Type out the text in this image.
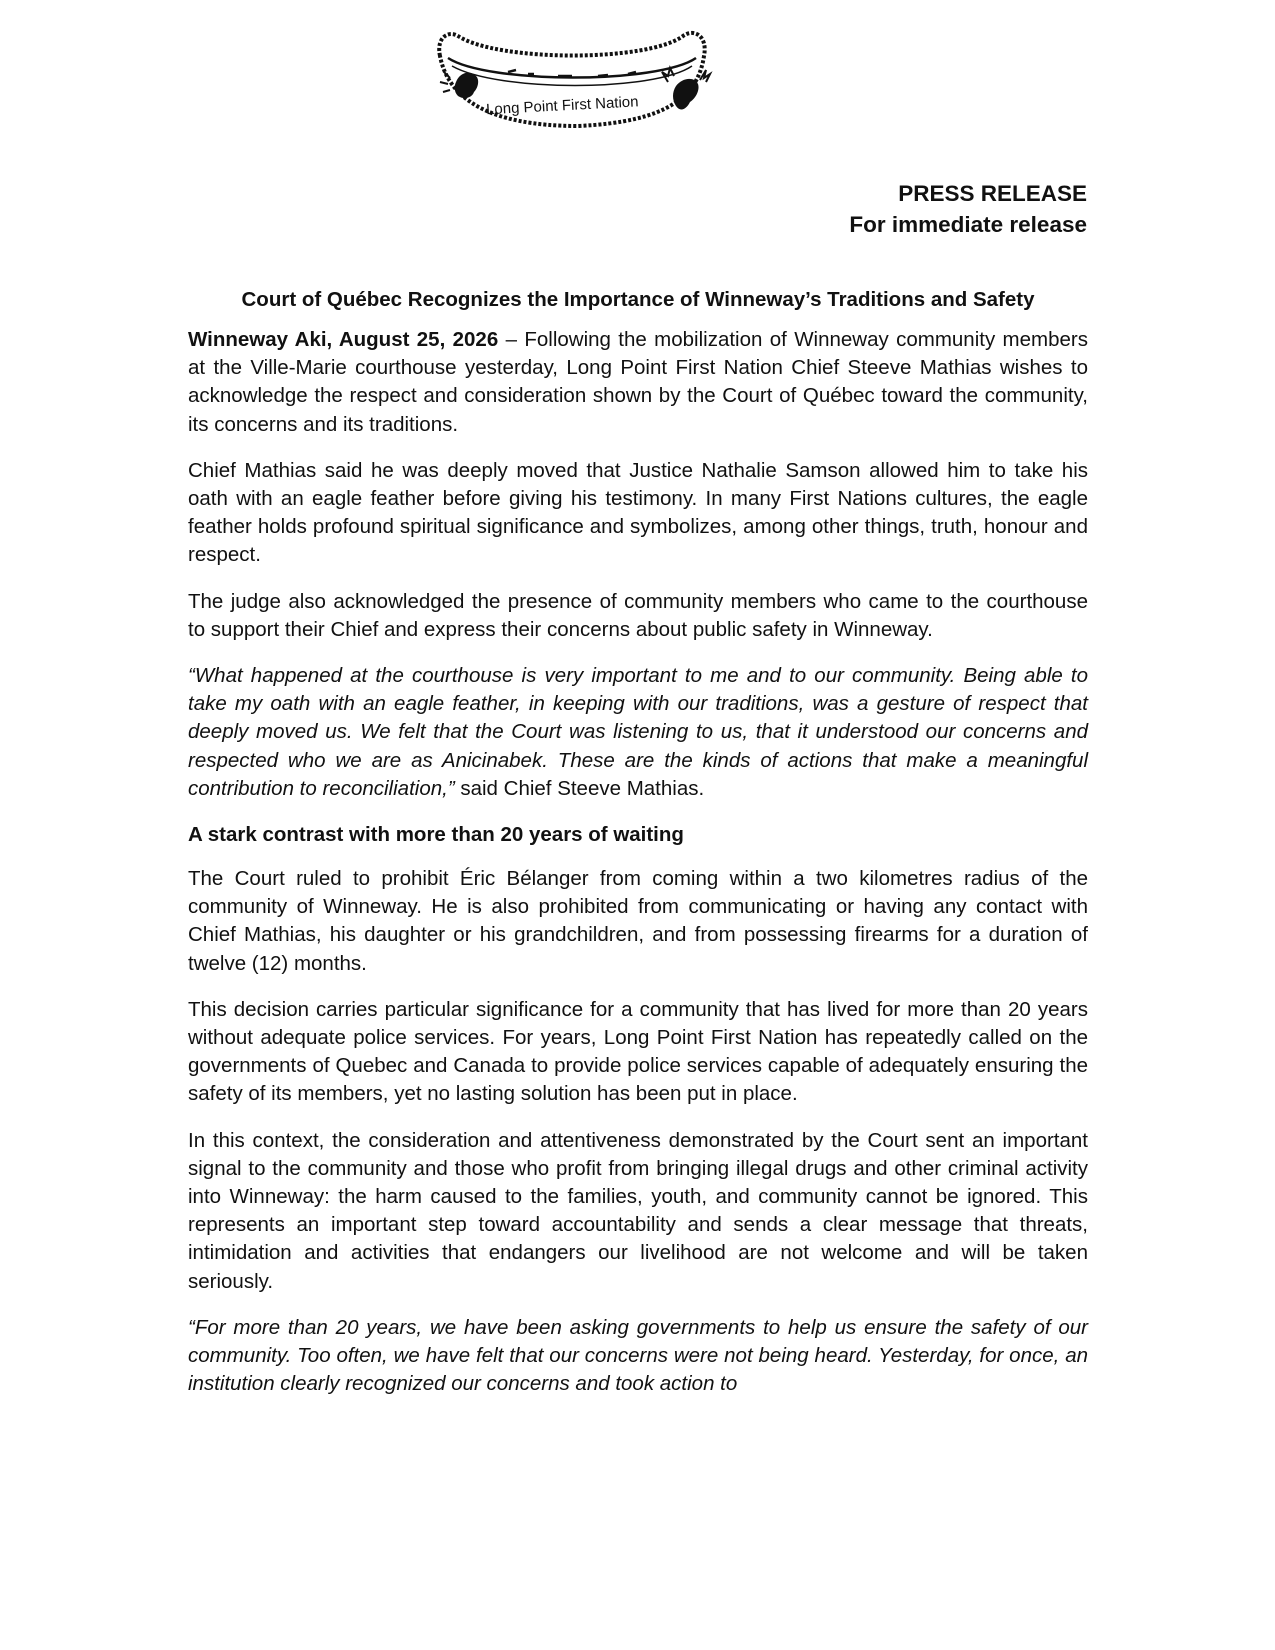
Long Point First Nation
PRESS RELEASE
For immediate release
Court of Québec Recognizes the Importance of Winneway’s Traditions and Safety

Winneway Aki, August 25, 2026 – Following the mobilization of Winneway community members at the Ville-Marie courthouse yesterday, Long Point First Nation Chief Steeve Mathias wishes to acknowledge the respect and consideration shown by the Court of Québec toward the community, its concerns and its traditions.

Chief Mathias said he was deeply moved that Justice Nathalie Samson allowed him to take his oath with an eagle feather before giving his testimony. In many First Nations cultures, the eagle feather holds profound spiritual significance and symbolizes, among other things, truth, honour and respect.

The judge also acknowledged the presence of community members who came to the courthouse to support their Chief and express their concerns about public safety in Winneway.

“What happened at the courthouse is very important to me and to our community. Being able to take my oath with an eagle feather, in keeping with our traditions, was a gesture of respect that deeply moved us. We felt that the Court was listening to us, that it understood our concerns and respected who we are as Anicinabek. These are the kinds of actions that make a meaningful contribution to reconciliation,” said Chief Steeve Mathias.

A stark contrast with more than 20 years of waiting

The Court ruled to prohibit Éric Bélanger from coming within a two kilometres radius of the community of Winneway. He is also prohibited from communicating or having any contact with Chief Mathias, his daughter or his grandchildren, and from possessing firearms for a duration of twelve (12) months.

This decision carries particular significance for a community that has lived for more than 20 years without adequate police services. For years, Long Point First Nation has repeatedly called on the governments of Quebec and Canada to provide police services capable of adequately ensuring the safety of its members, yet no lasting solution has been put in place.

In this context, the consideration and attentiveness demonstrated by the Court sent an important signal to the community and those who profit from bringing illegal drugs and other criminal activity into Winneway: the harm caused to the families, youth, and community cannot be ignored. This represents an important step toward accountability and sends a clear message that threats, intimidation and activities that endangers our livelihood are not welcome and will be taken seriously.

“For more than 20 years, we have been asking governments to help us ensure the safety of our community. Too often, we have felt that our concerns were not being heard. Yesterday, for once, an institution clearly recognized our concerns and took action to
